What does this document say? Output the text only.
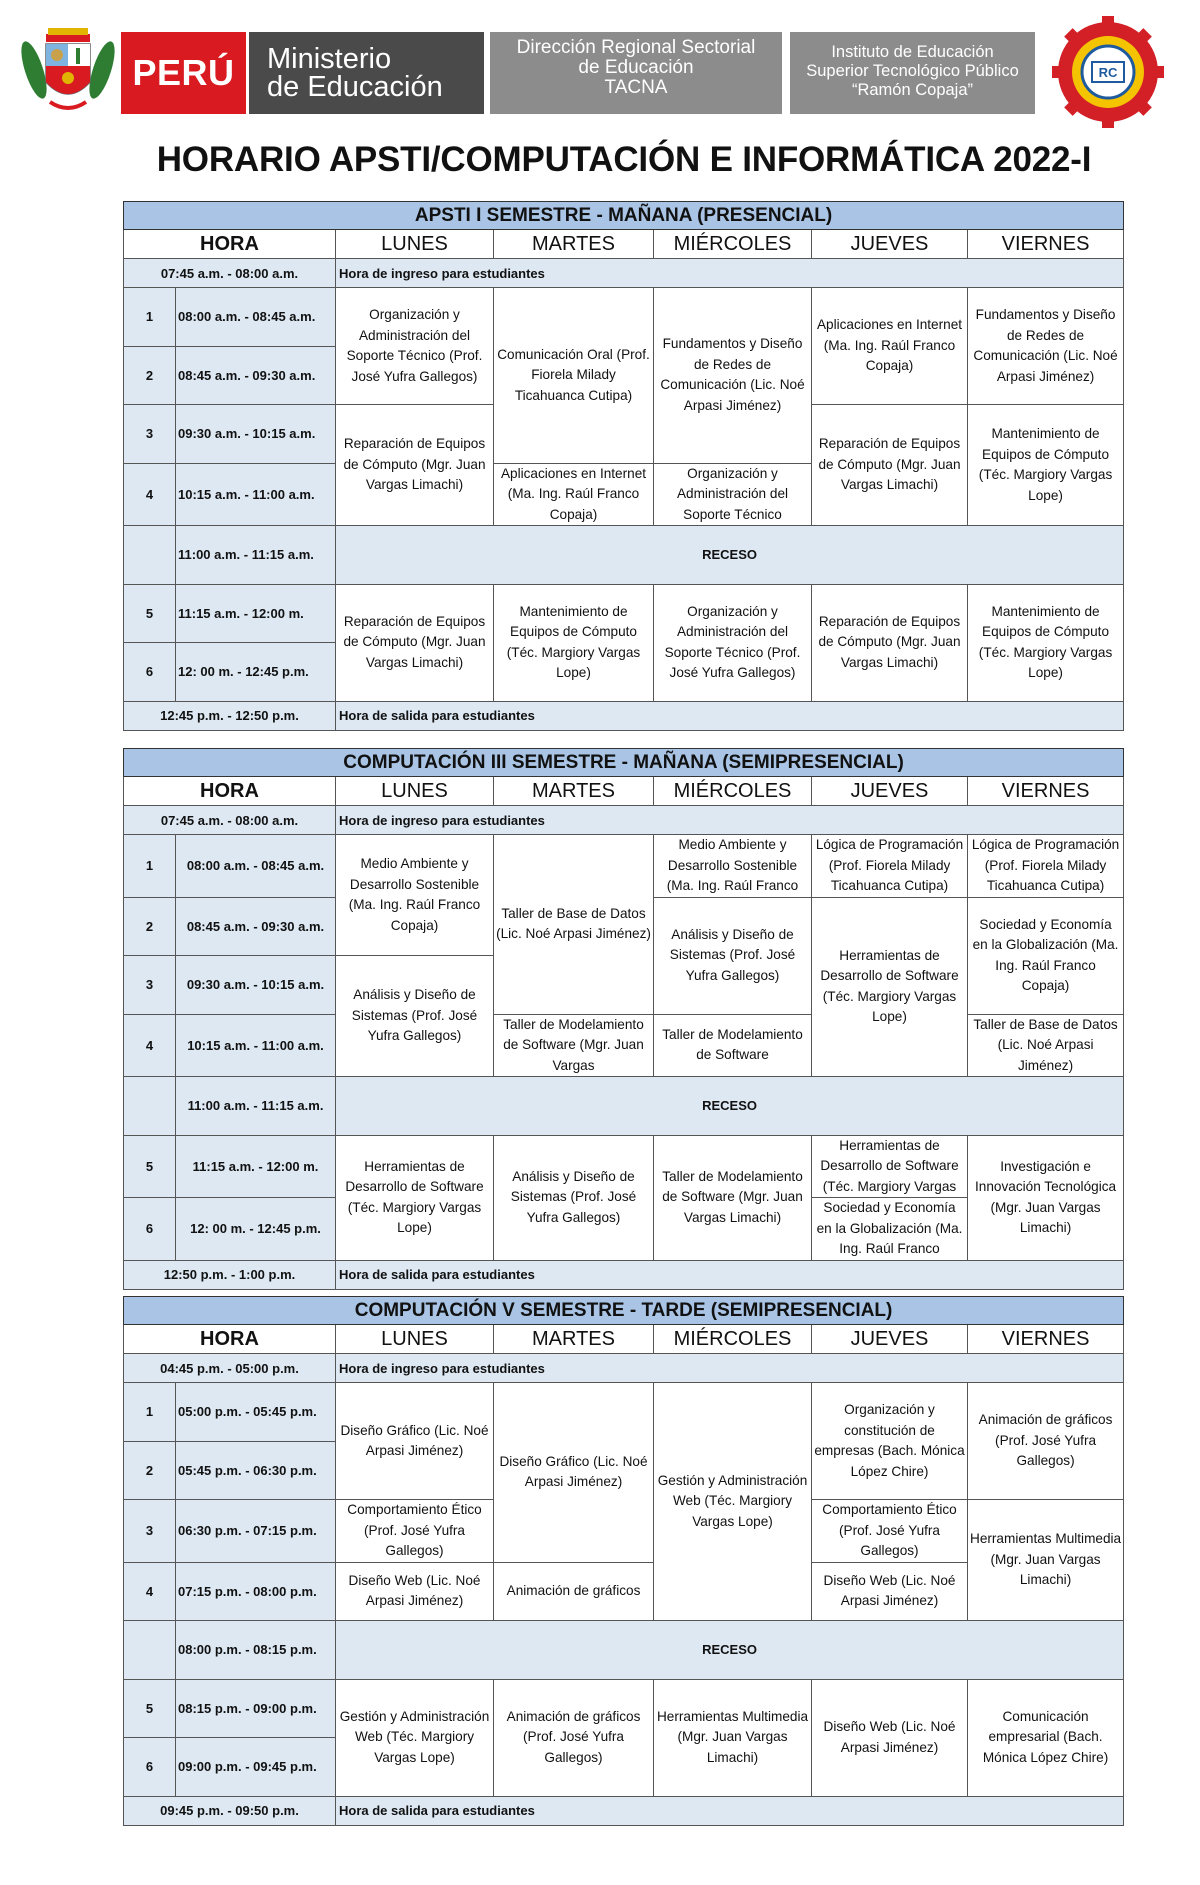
PERÚ	Ministerio
de Educación
Dirección Regional Sectorial
de Educación
TACNA
Instituto de Educación
Superior Tecnológico Público
“Ramón Copaja”
RC
HORARIO APSTI/COMPUTACIÓN E INFORMÁTICA 2022-I
APSTI I SEMESTRE - MAÑANA (PRESENCIAL)						
HORA		LUNES	MARTES	MIÉRCOLES	JUEVES	VIERNES
07:45 a.m. - 08:00 a.m.		Hora de ingreso para estudiantes				
1	08:00 a.m. - 08:45 a.m.	Organización y Administración del Soporte Técnico (Prof. José Yufra Gallegos)	Comunicación Oral (Prof. Fiorela Milady Ticahuanca Cutipa)	Fundamentos y Diseño de Redes de Comunicación (Lic. Noé Arpasi Jiménez)	Aplicaciones en Internet (Ma. Ing. Raúl Franco Copaja)	Fundamentos y Diseño de Redes de Comunicación (Lic. Noé Arpasi Jiménez)
2	08:45 a.m. - 09:30 a.m.					
3	09:30 a.m. - 10:15 a.m.	Reparación de Equipos de Cómputo (Mgr. Juan Vargas Limachi)			Reparación de Equipos de Cómputo (Mgr. Juan Vargas Limachi)	Mantenimiento de Equipos de Cómputo (Téc. Margiory Vargas Lope)
4	10:15 a.m. - 11:00 a.m.		Aplicaciones en Internet (Ma. Ing. Raúl Franco Copaja)	Organización y Administración del Soporte Técnico		
	11:00 a.m. - 11:15 a.m.	RECESO				
5	11:15 a.m. - 12:00 m.	Reparación de Equipos de Cómputo (Mgr. Juan Vargas Limachi)	Mantenimiento de Equipos de Cómputo (Téc. Margiory Vargas Lope)	Organización y Administración del Soporte Técnico (Prof. José Yufra Gallegos)	Reparación de Equipos de Cómputo (Mgr. Juan Vargas Limachi)	Mantenimiento de Equipos de Cómputo (Téc. Margiory Vargas Lope)
6	12: 00 m. - 12:45 p.m.					
12:45 p.m. - 12:50 p.m.		Hora de salida para estudiantes				
COMPUTACIÓN III SEMESTRE - MAÑANA (SEMIPRESENCIAL)						
HORA		LUNES	MARTES	MIÉRCOLES	JUEVES	VIERNES
07:45 a.m. - 08:00 a.m.		Hora de ingreso para estudiantes				
1	08:00 a.m. - 08:45 a.m.	Medio Ambiente y Desarrollo Sostenible (Ma. Ing. Raúl Franco Copaja)	Taller de Base de Datos (Lic. Noé Arpasi Jiménez)	Medio Ambiente y Desarrollo Sostenible (Ma. Ing. Raúl Franco	Lógica de Programación (Prof. Fiorela Milady Ticahuanca Cutipa)	Lógica de Programación (Prof. Fiorela Milady Ticahuanca Cutipa)
2	08:45 a.m. - 09:30 a.m.			Análisis y Diseño de Sistemas (Prof. José Yufra Gallegos)	Herramientas de Desarrollo de Software (Téc. Margiory Vargas Lope)	Sociedad y Economía en la Globalización (Ma. Ing. Raúl Franco Copaja)
3	09:30 a.m. - 10:15 a.m.	Análisis y Diseño de Sistemas (Prof. José Yufra Gallegos)				
4	10:15 a.m. - 11:00 a.m.		Taller de Modelamiento de Software (Mgr. Juan Vargas	Taller de Modelamiento de Software		Taller de Base de Datos (Lic. Noé Arpasi Jiménez)
	11:00 a.m. - 11:15 a.m.	RECESO				
5	11:15 a.m. - 12:00 m.	Herramientas de Desarrollo de Software (Téc. Margiory Vargas Lope)	Análisis y Diseño de Sistemas (Prof. José Yufra Gallegos)	Taller de Modelamiento de Software (Mgr. Juan Vargas Limachi)	Herramientas de Desarrollo de Software (Téc. Margiory Vargas	Investigación e Innovación Tecnológica (Mgr. Juan Vargas Limachi)
6	12: 00 m. - 12:45 p.m.				Sociedad y Economía en la Globalización (Ma. Ing. Raúl Franco	
12:50 p.m. - 1:00 p.m.		Hora de salida para estudiantes				
COMPUTACIÓN V SEMESTRE - TARDE (SEMIPRESENCIAL)						
HORA		LUNES	MARTES	MIÉRCOLES	JUEVES	VIERNES
04:45 p.m. - 05:00 p.m.		Hora de ingreso para estudiantes				
1	05:00 p.m. - 05:45 p.m.	Diseño Gráfico (Lic. Noé Arpasi Jiménez)	Diseño Gráfico (Lic. Noé Arpasi Jiménez)	Gestión y Administración Web (Téc. Margiory Vargas Lope)	Organización y constitución de empresas (Bach. Mónica López Chire)	Animación de gráficos (Prof. José Yufra Gallegos)
2	05:45 p.m. - 06:30 p.m.					
3	06:30 p.m. - 07:15 p.m.	Comportamiento Ético (Prof. José Yufra Gallegos)			Comportamiento Ético (Prof. José Yufra Gallegos)	Herramientas Multimedia (Mgr. Juan Vargas Limachi)
4	07:15 p.m. - 08:00 p.m.	Diseño Web (Lic. Noé Arpasi Jiménez)	Animación de gráficos		Diseño Web (Lic. Noé Arpasi Jiménez)	
	08:00 p.m. - 08:15 p.m.	RECESO				
5	08:15 p.m. - 09:00 p.m.	Gestión y Administración Web (Téc. Margiory Vargas Lope)	Animación de gráficos (Prof. José Yufra Gallegos)	Herramientas Multimedia (Mgr. Juan Vargas Limachi)	Diseño Web (Lic. Noé Arpasi Jiménez)	Comunicación empresarial (Bach. Mónica López Chire)
6	09:00 p.m. - 09:45 p.m.					
09:45 p.m. - 09:50 p.m.		Hora de salida para estudiantes				
